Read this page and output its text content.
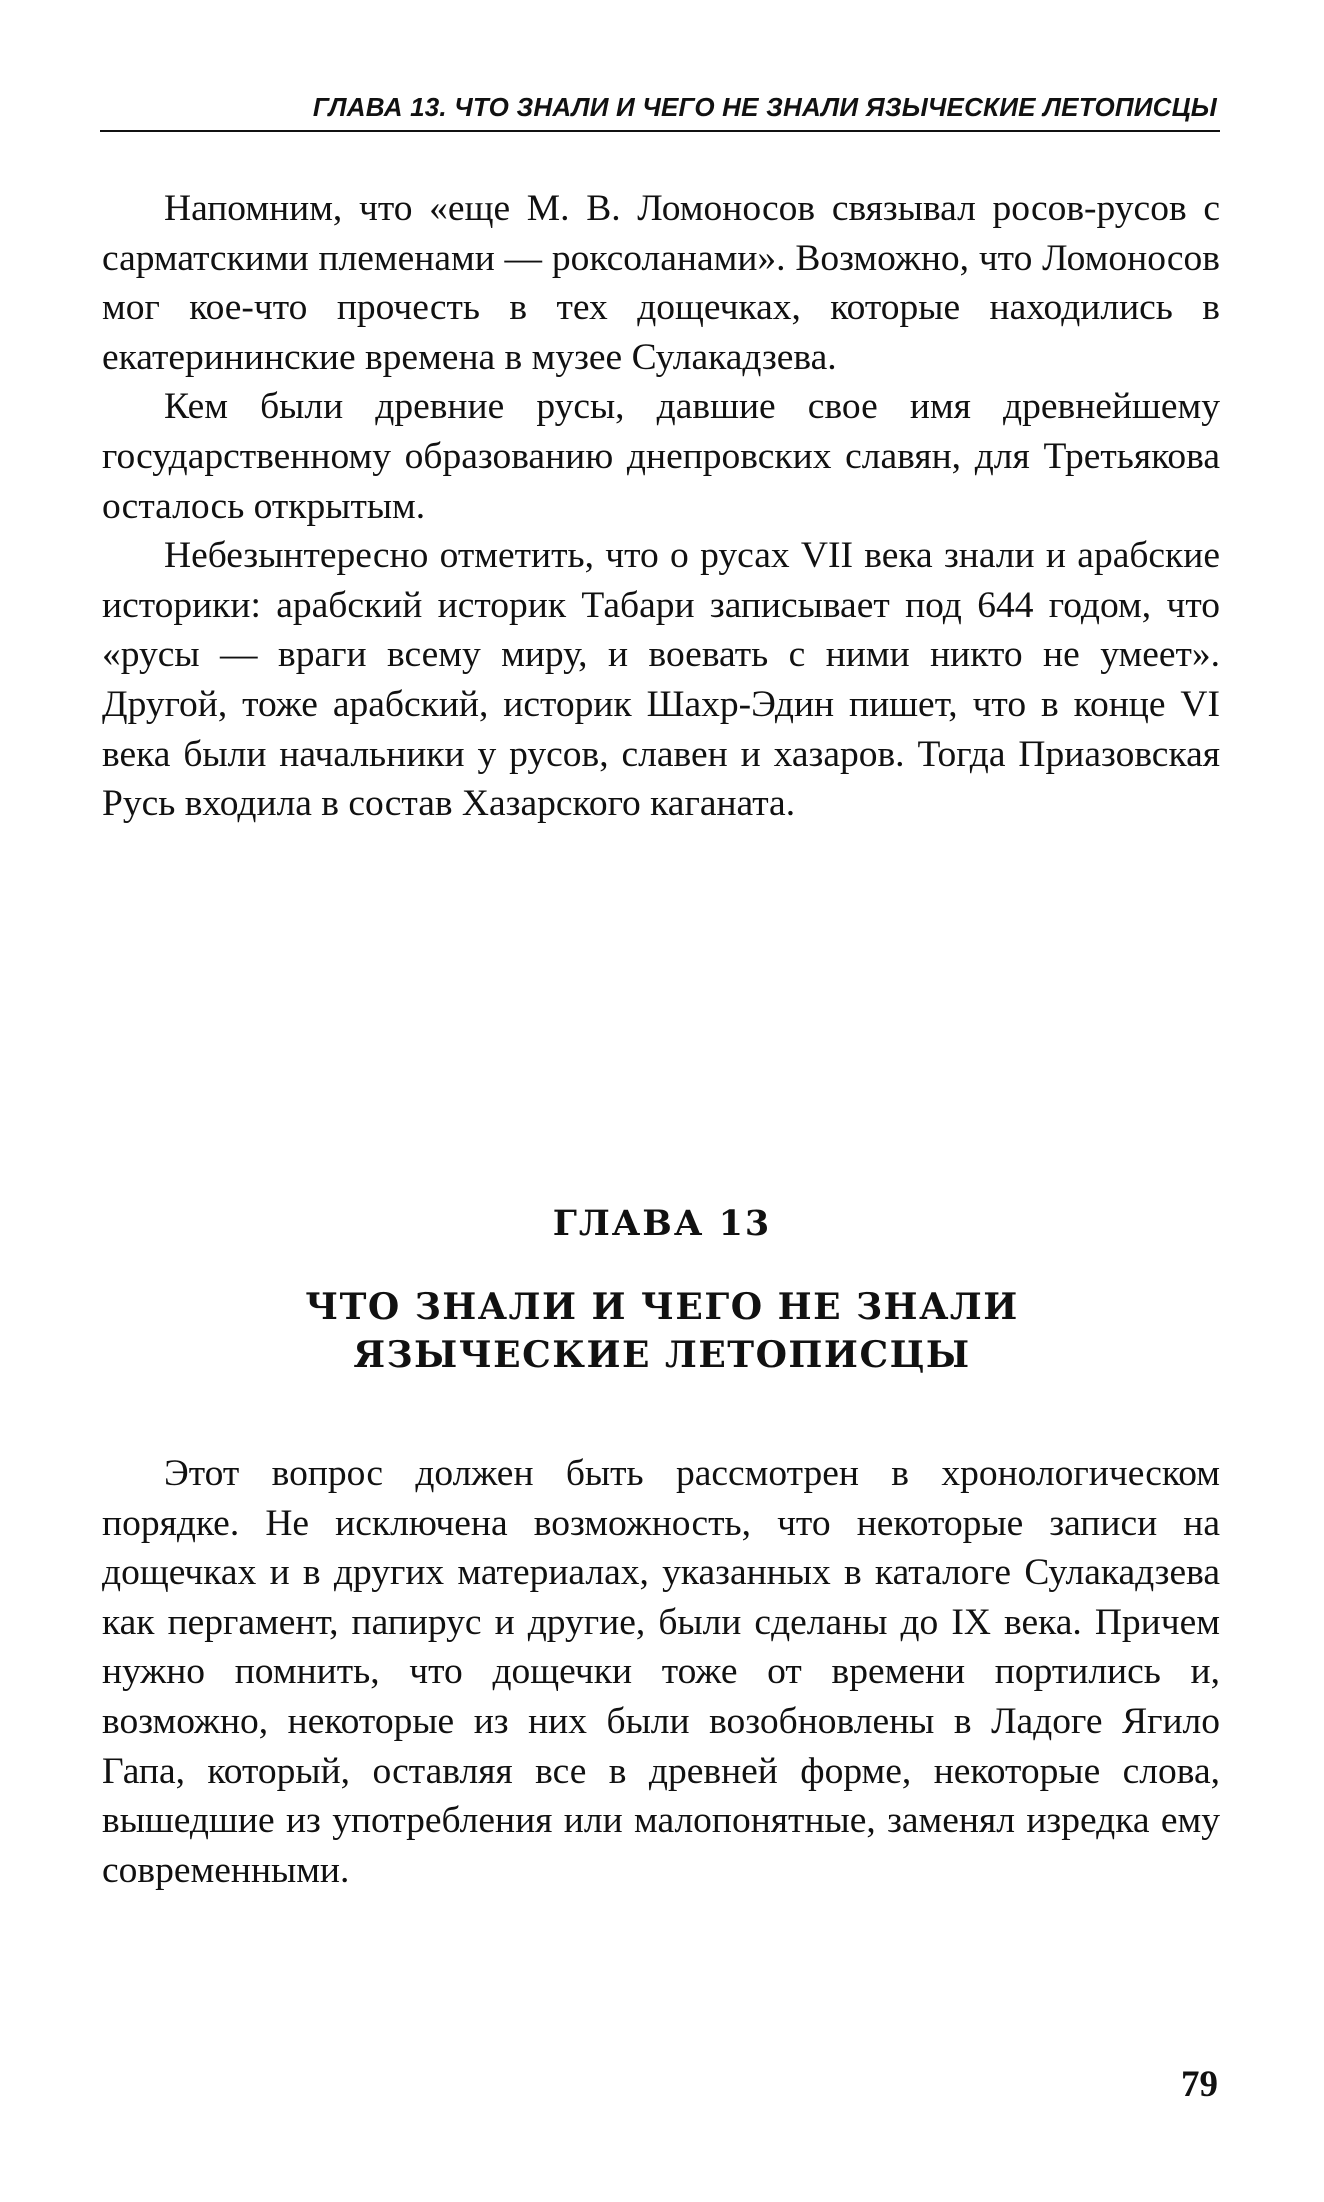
ГЛАВА 13. ЧТО ЗНАЛИ И ЧЕГО НЕ ЗНАЛИ ЯЗЫЧЕСКИЕ ЛЕТОПИСЦЫ

Напомним, что «еще М. В. Ломоносов связывал росов-русов с сарматскими племенами — роксоланами». Возможно, что Ломоносов мог кое-что прочесть в тех дощечках, которые находились в екатерининские времена в музее Сулакадзева.

Кем были древние русы, давшие свое имя древнейшему государственному образованию днепровских славян, для Третьякова осталось открытым.

Небезынтересно отметить, что о русах VII века знали и арабские историки: арабский историк Табари записывает под 644 годом, что «русы — враги всему миру, и воевать с ними никто не умеет». Другой, тоже арабский, историк Шахр-Эдин пишет, что в конце VI века были начальники у русов, славен и хазаров. Тогда Приазовская Русь входила в состав Хазарского каганата.

ГЛАВА 13
ЧТО ЗНАЛИ И ЧЕГО НЕ ЗНАЛИ
ЯЗЫЧЕСКИЕ ЛЕТОПИСЦЫ

Этот вопрос должен быть рассмотрен в хронологическом порядке. Не исключена возможность, что некоторые записи на дощечках и в других материалах, указанных в каталоге Сулакадзева как пергамент, папирус и другие, были сделаны до IX века. Причем нужно помнить, что дощечки тоже от времени портились и, возможно, некоторые из них были возобновлены в Ладоге Ягило Гапа, который, оставляя все в древней форме, некоторые слова, вышедшие из употребления или малопонятные, заменял изредка ему современными.

79
